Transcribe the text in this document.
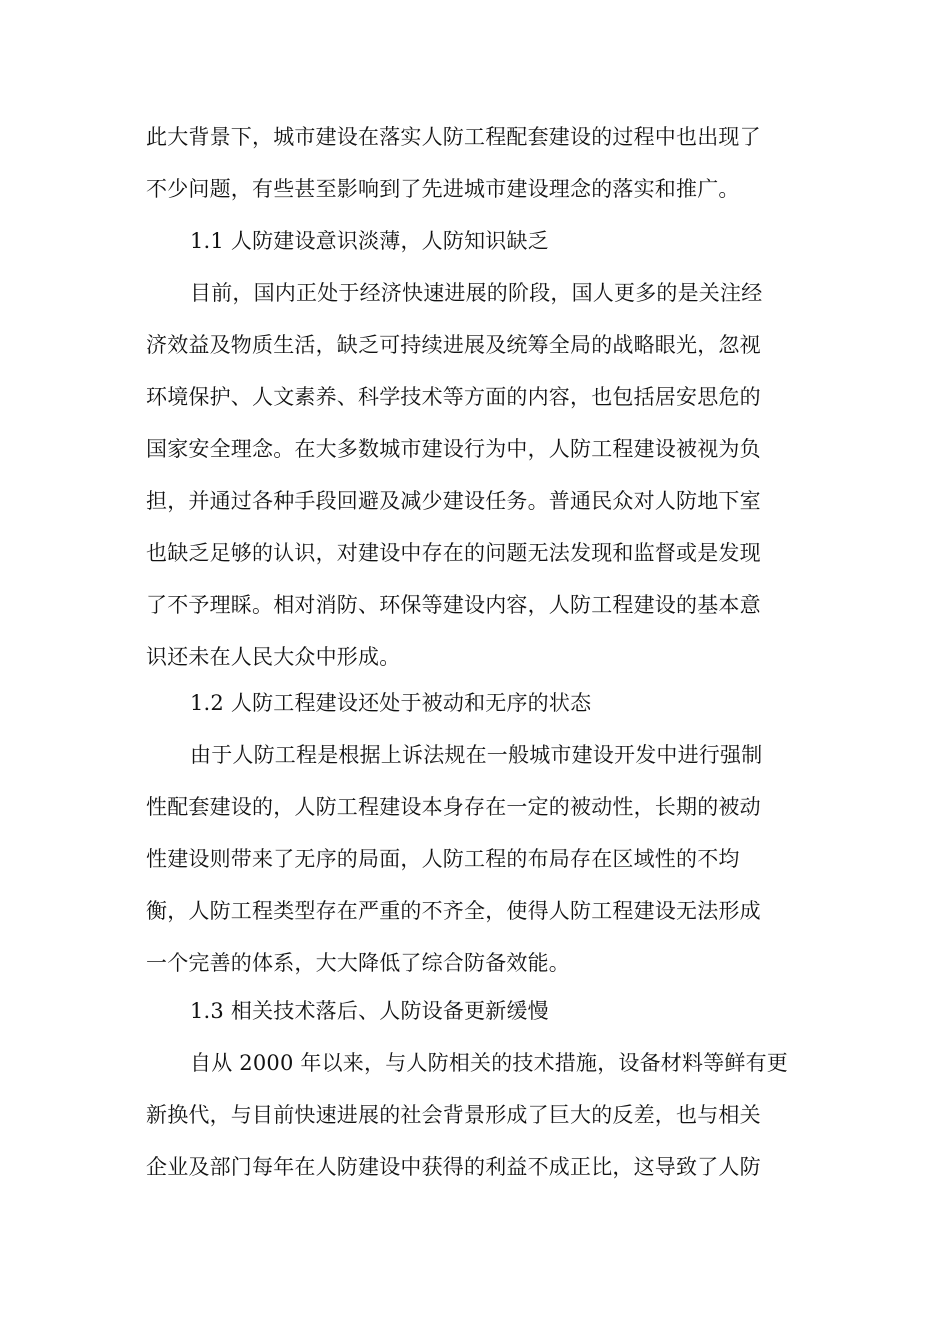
此大背景下，城市建设在落实人防工程配套建设的过程中也出现了
不少问题，有些甚至影响到了先进城市建设理念的落实和推广。
1.1 人防建设意识淡薄，人防知识缺乏
目前，国内正处于经济快速进展的阶段，国人更多的是关注经
济效益及物质生活，缺乏可持续进展及统筹全局的战略眼光，忽视
环境保护、人文素养、科学技术等方面的内容，也包括居安思危的
国家安全理念。在大多数城市建设行为中，人防工程建设被视为负
担，并通过各种手段回避及减少建设任务。普通民众对人防地下室
也缺乏足够的认识，对建设中存在的问题无法发现和监督或是发现
了不予理睬。相对消防、环保等建设内容，人防工程建设的基本意
识还未在人民大众中形成。
1.2 人防工程建设还处于被动和无序的状态
由于人防工程是根据上诉法规在一般城市建设开发中进行强制
性配套建设的，人防工程建设本身存在一定的被动性，长期的被动
性建设则带来了无序的局面，人防工程的布局存在区域性的不均
衡，人防工程类型存在严重的不齐全，使得人防工程建设无法形成
一个完善的体系，大大降低了综合防备效能。
1.3 相关技术落后、人防设备更新缓慢
自从 2000 年以来，与人防相关的技术措施，设备材料等鲜有更
新换代，与目前快速进展的社会背景形成了巨大的反差，也与相关
企业及部门每年在人防建设中获得的利益不成正比，这导致了人防
